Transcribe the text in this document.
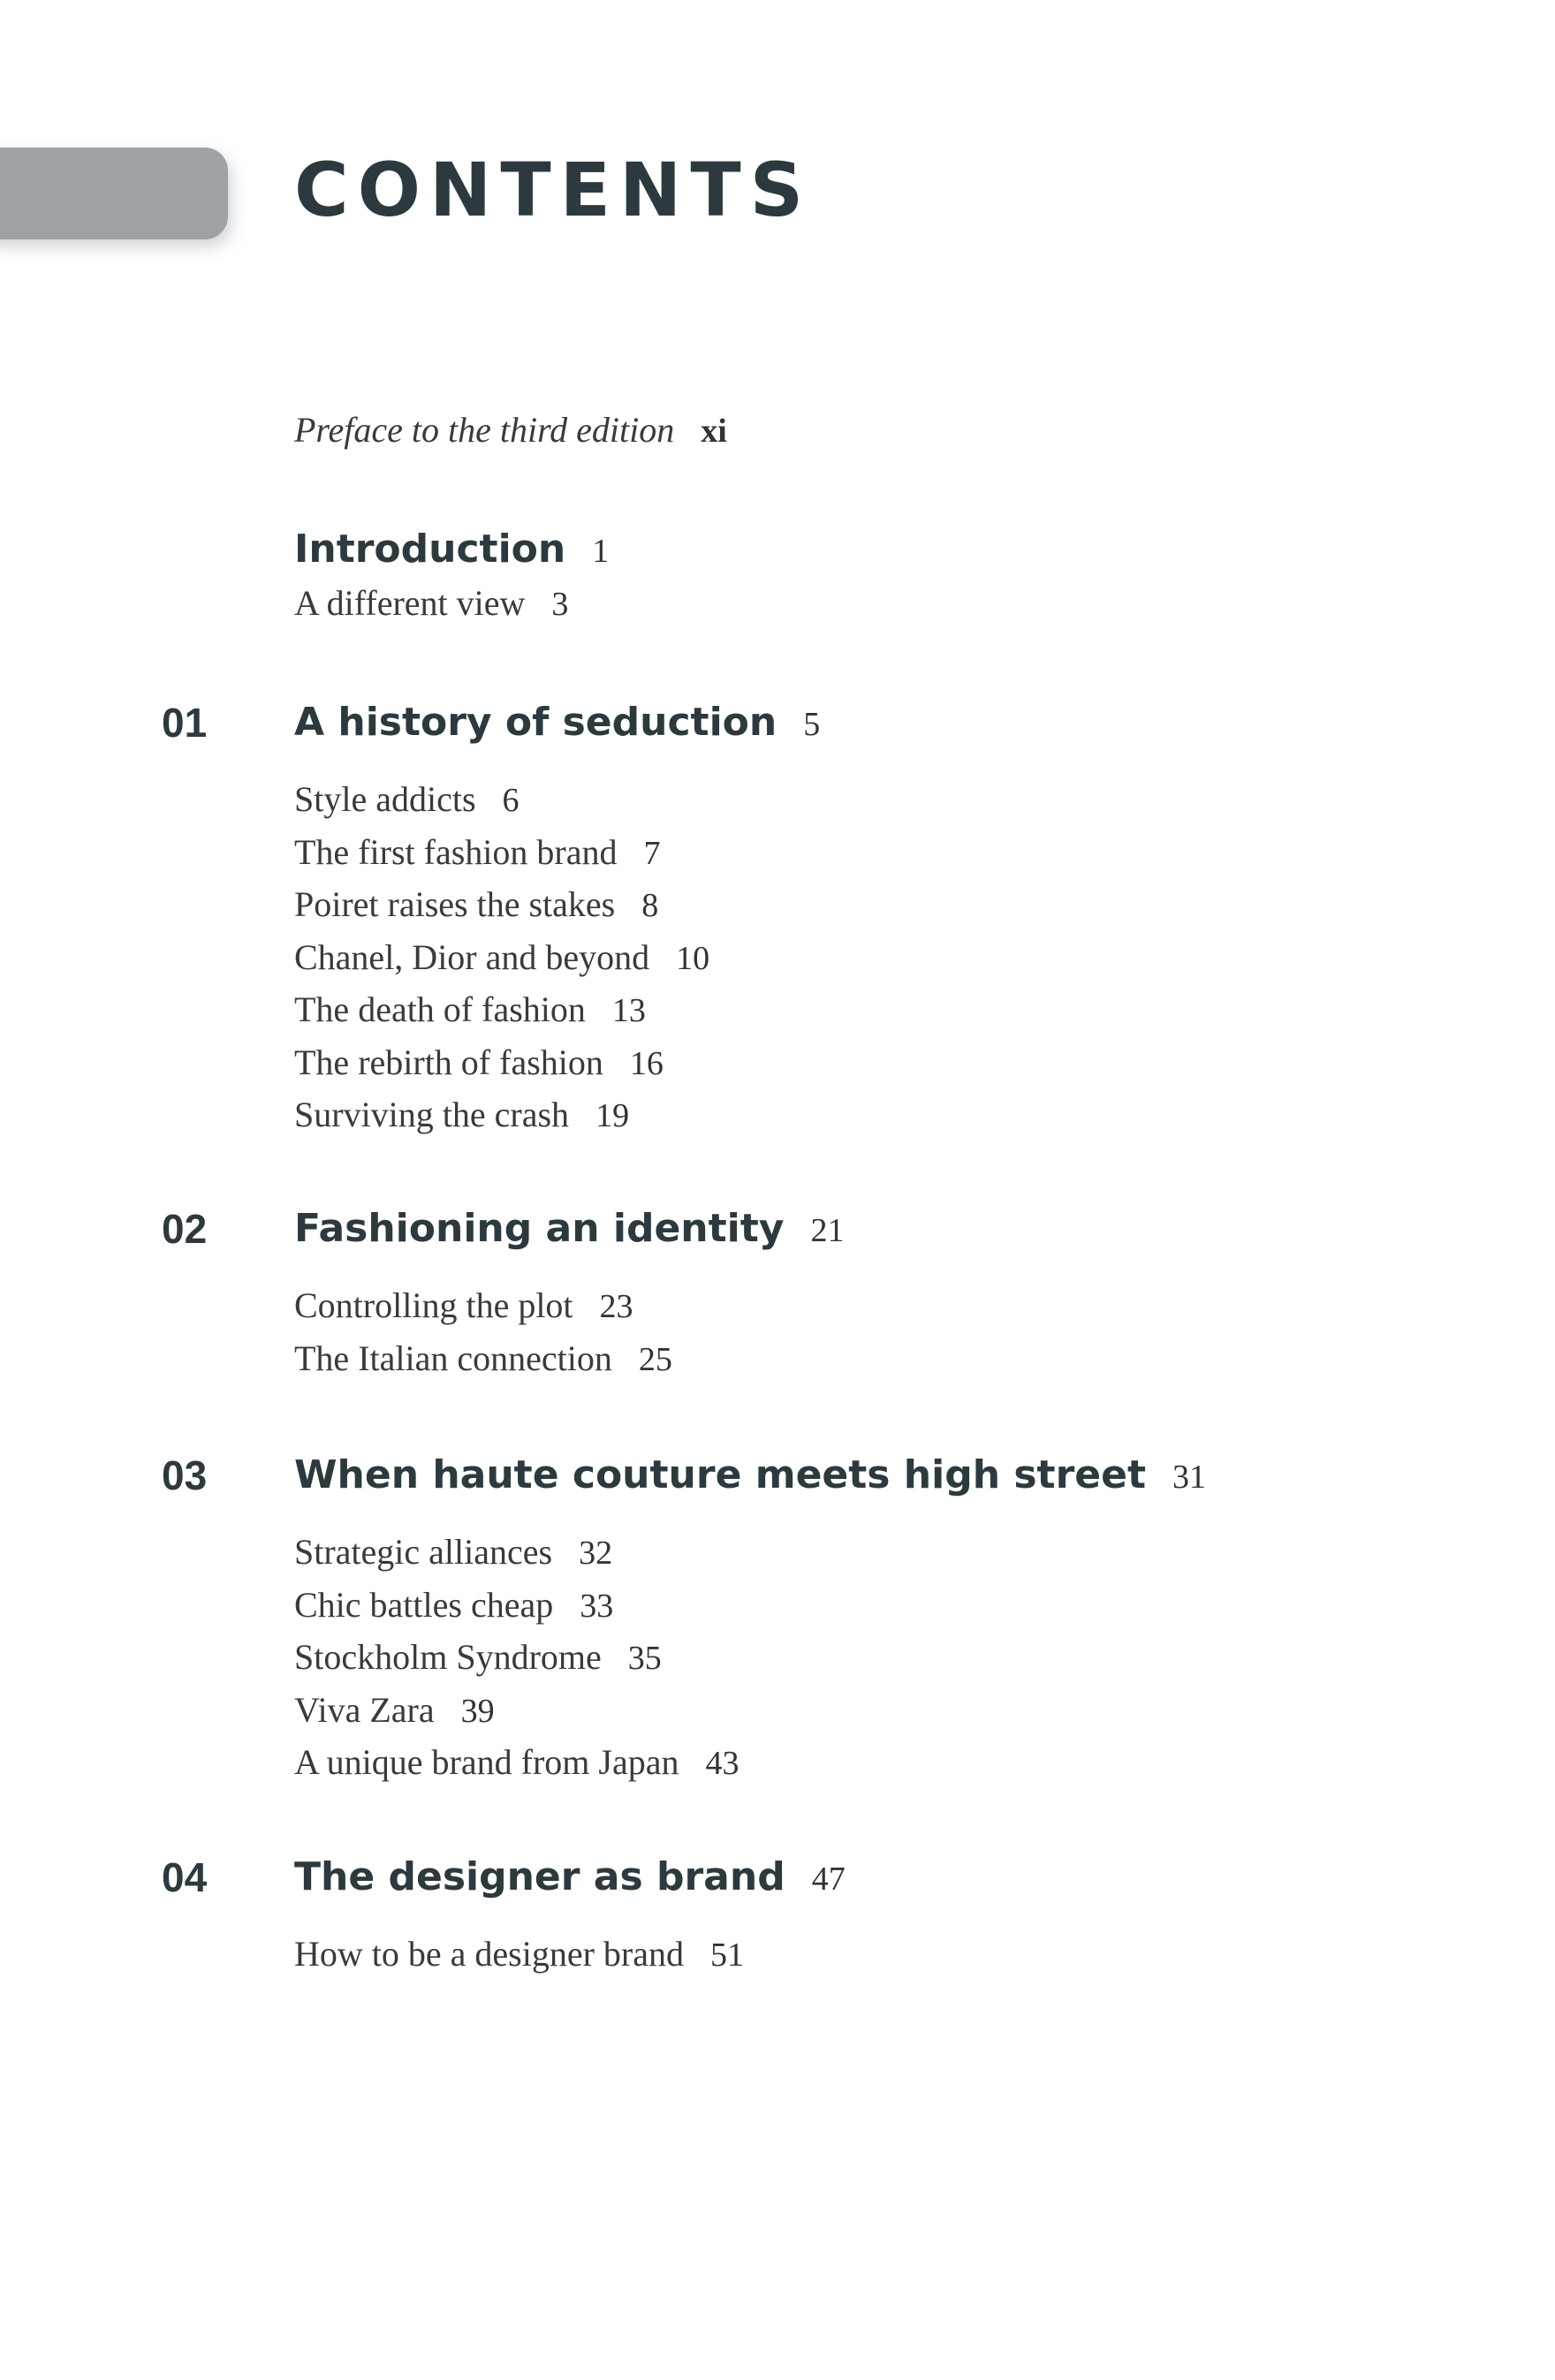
CONTENTS
Preface to the third edition xi
Introduction 1
A different view 3
01 A history of seduction 5
Style addicts 6
The first fashion brand 7
Poiret raises the stakes 8
Chanel, Dior and beyond 10
The death of fashion 13
The rebirth of fashion 16
Surviving the crash 19
02 Fashioning an identity 21
Controlling the plot 23
The Italian connection 25
03 When haute couture meets high street 31
Strategic alliances 32
Chic battles cheap 33
Stockholm Syndrome 35
Viva Zara 39
A unique brand from Japan 43
04 The designer as brand 47
How to be a designer brand 51
